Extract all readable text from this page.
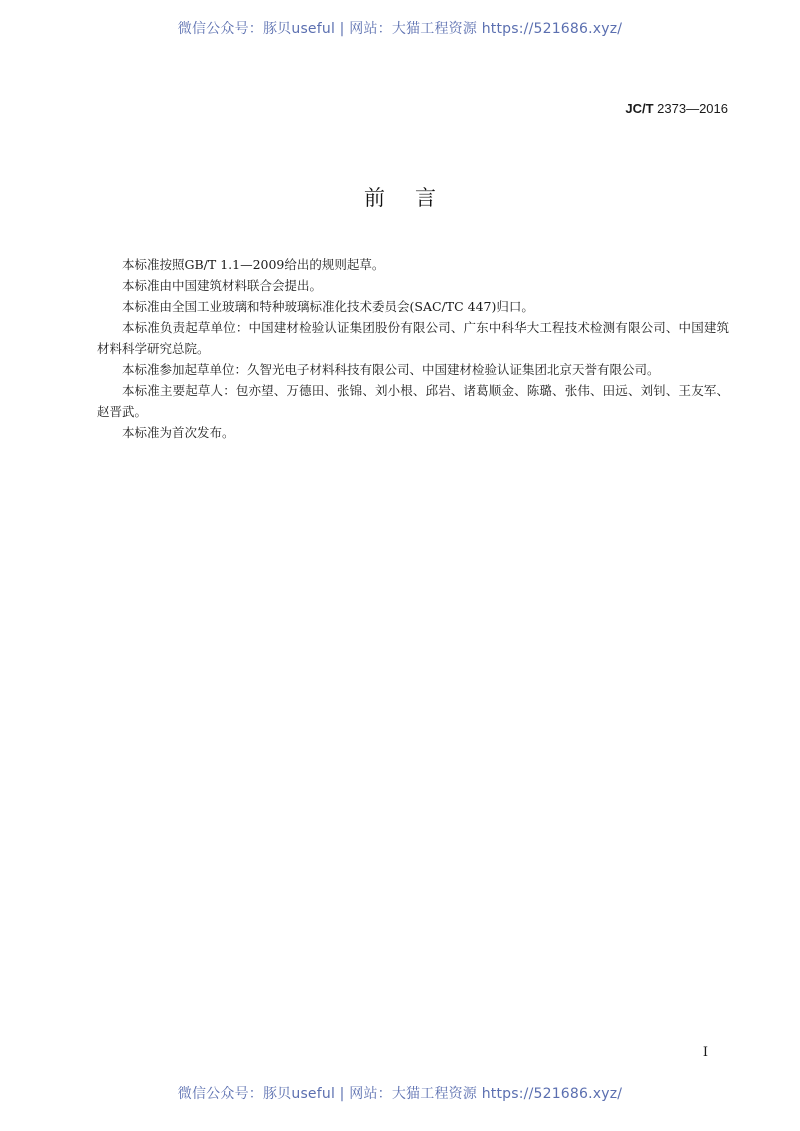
微信公众号：豚贝useful | 网站：大猫工程资源 https://521686.xyz/
JC/T 2373—2016
前言

本标准按照GB/T 1.1—2009给出的规则起草。

本标准由中国建筑材料联合会提出。

本标准由全国工业玻璃和特种玻璃标准化技术委员会(SAC/TC 447)归口。

本标准负责起草单位：中国建材检验认证集团股份有限公司、广东中科华大工程技术检测有限公司、中国建筑材料科学研究总院。

本标准参加起草单位：久智光电子材料科技有限公司、中国建材检验认证集团北京天誉有限公司。

本标准主要起草人：包亦望、万德田、张锦、刘小根、邱岩、诸葛顺金、陈璐、张伟、田远、刘钊、王友军、赵晋武。

本标准为首次发布。

I
微信公众号：豚贝useful | 网站：大猫工程资源 https://521686.xyz/
